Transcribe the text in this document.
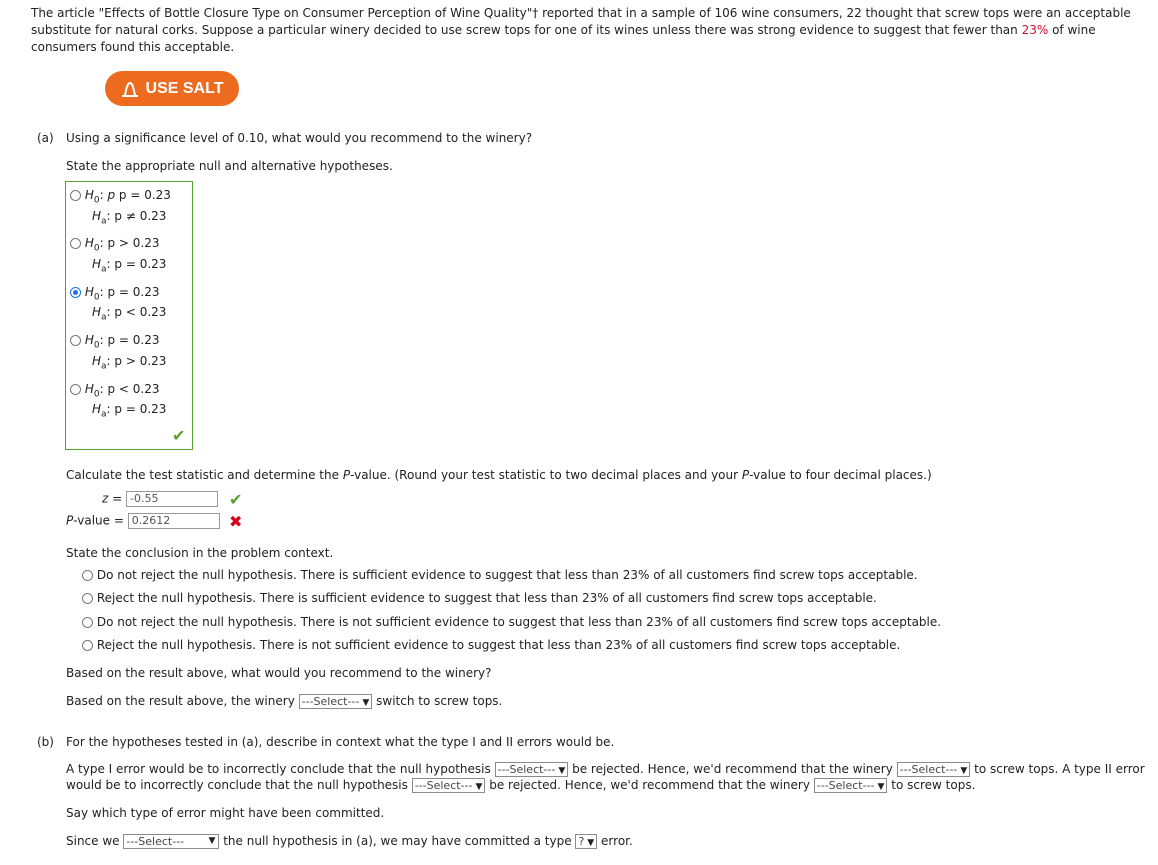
The article "Effects of Bottle Closure Type on Consumer Perception of Wine Quality"† reported that in a sample of 106 wine consumers, 22 thought that screw tops were an acceptable substitute for natural corks. Suppose a particular winery decided to use screw tops for one of its wines unless there was strong evidence to suggest that fewer than 23% of wine consumers found this acceptable.
USE SALT
(a) Using a significance level of 0.10, what would you recommend to the winery?
State the appropriate null and alternative hypotheses.
$H_0$: p p = 0.23
$H_a$: p ≠ 0.23
$H_0$: p > 0.23
$H_a$: p = 0.23
$H_0$: p = 0.23
$H_a$: p < 0.23
$H_0$: p = 0.23
$H_a$: p > 0.23
$H_0$: p < 0.23
$H_a$: p = 0.23
✔
Calculate the test statistic and determine the P-value. (Round your test statistic to two decimal places and your P-value to four decimal places.)
z = -0.55	✔
P-value = 0.2612	✖
State the conclusion in the problem context.
Do not reject the null hypothesis. There is sufficient evidence to suggest that less than 23% of all customers find screw tops acceptable.
Reject the null hypothesis. There is sufficient evidence to suggest that less than 23% of all customers find screw tops acceptable.
Do not reject the null hypothesis. There is not sufficient evidence to suggest that less than 23% of all customers find screw tops acceptable.
Reject the null hypothesis. There is not sufficient evidence to suggest that less than 23% of all customers find screw tops acceptable.
Based on the result above, what would you recommend to the winery?
Based on the result above, the winery ---Select--- ▼ switch to screw tops.
(b) For the hypotheses tested in (a), describe in context what the type I and II errors would be.
A type I error would be to incorrectly conclude that the null hypothesis ---Select--- ▼ be rejected. Hence, we'd recommend that the winery ---Select--- ▼ to screw tops. A type II error
would be to incorrectly conclude that the null hypothesis ---Select--- ▼ be rejected. Hence, we'd recommend that the winery ---Select--- ▼ to screw tops.
Say which type of error might have been committed.
Since we ---Select---	▼ the null hypothesis in (a), we may have committed a type ? ▼ error.
